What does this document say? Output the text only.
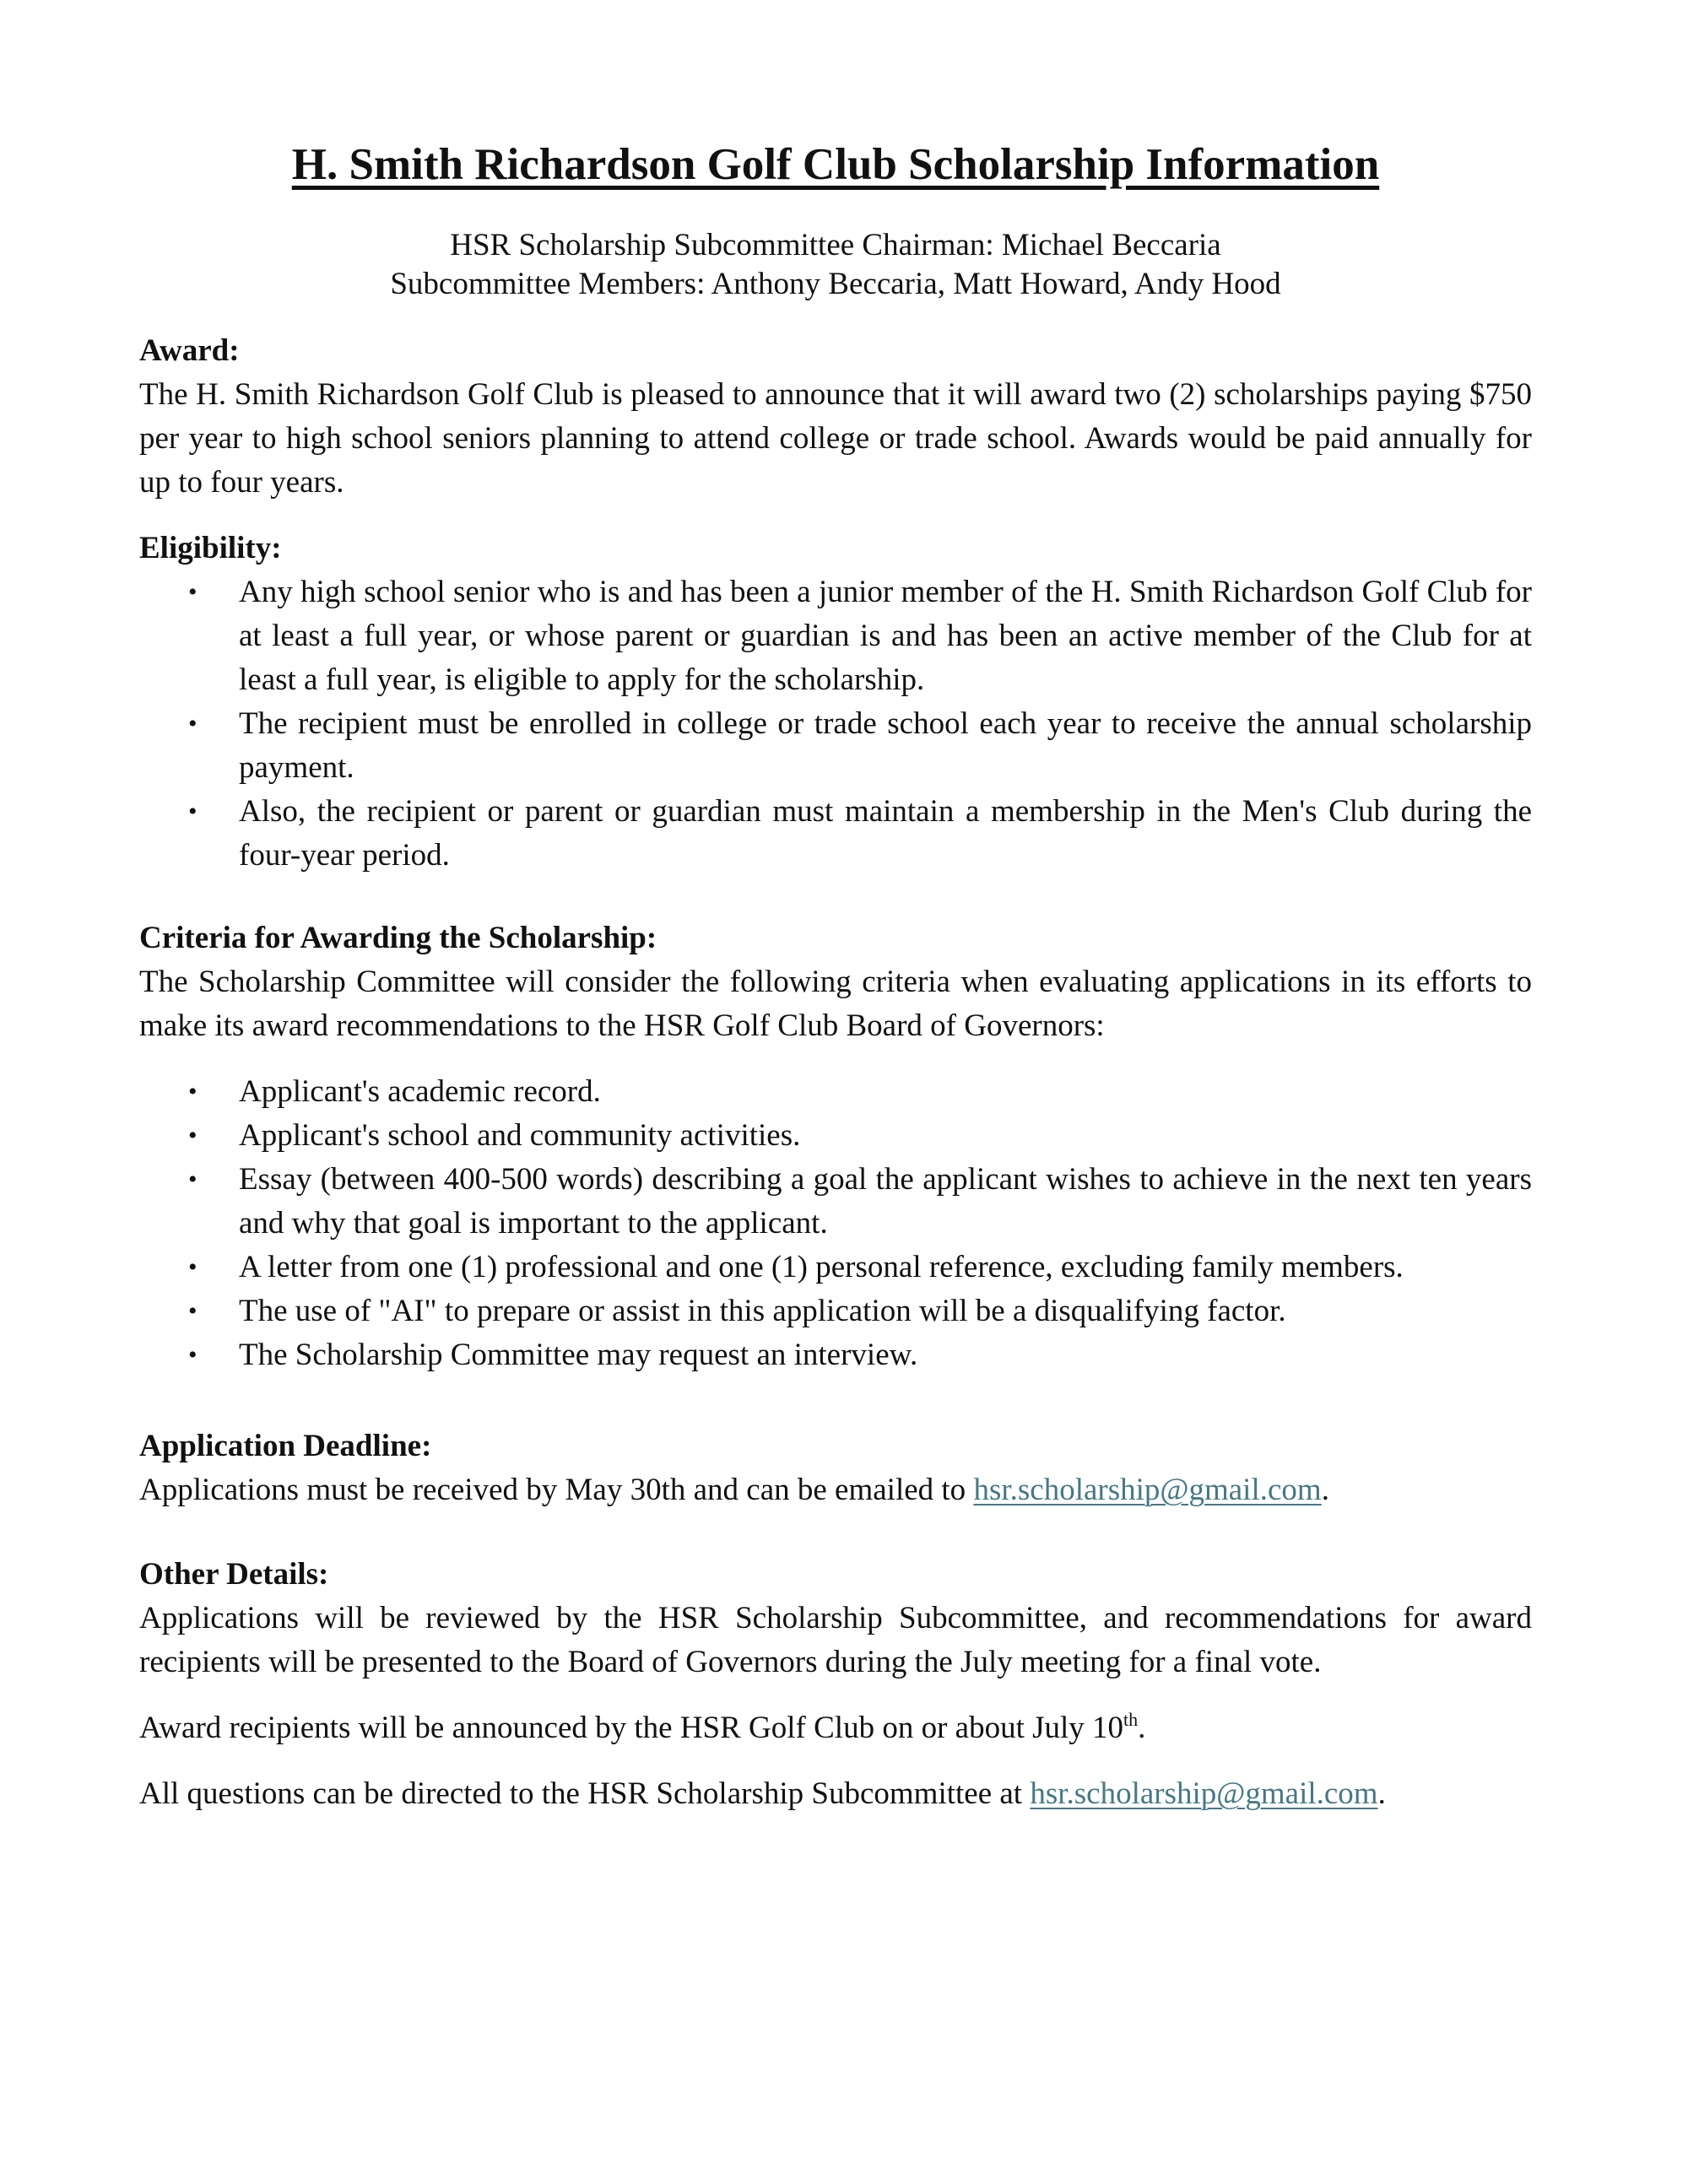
H. Smith Richardson Golf Club Scholarship Information
HSR Scholarship Subcommittee Chairman: Michael Beccaria
Subcommittee Members: Anthony Beccaria, Matt Howard, Andy Hood
Award:
The H. Smith Richardson Golf Club is pleased to announce that it will award two (2) scholarships paying $750 per year to high school seniors planning to attend college or trade school. Awards would be paid annually for up to four years.
Eligibility:
• Any high school senior who is and has been a junior member of the H. Smith Richardson Golf Club for at least a full year, or whose parent or guardian is and has been an active member of the Club for at least a full year, is eligible to apply for the scholarship.
• The recipient must be enrolled in college or trade school each year to receive the annual scholarship payment.
• Also, the recipient or parent or guardian must maintain a membership in the Men's Club during the four-year period.
Criteria for Awarding the Scholarship:
The Scholarship Committee will consider the following criteria when evaluating applications in its efforts to make its award recommendations to the HSR Golf Club Board of Governors:
• Applicant's academic record.
• Applicant's school and community activities.
• Essay (between 400-500 words) describing a goal the applicant wishes to achieve in the next ten years and why that goal is important to the applicant.
• A letter from one (1) professional and one (1) personal reference, excluding family members.
• The use of "AI" to prepare or assist in this application will be a disqualifying factor.
• The Scholarship Committee may request an interview.
Application Deadline:
Applications must be received by May 30th and can be emailed to hsr.scholarship@gmail.com.
Other Details:
Applications will be reviewed by the HSR Scholarship Subcommittee, and recommendations for award recipients will be presented to the Board of Governors during the July meeting for a final vote.
Award recipients will be announced by the HSR Golf Club on or about July 10th.
All questions can be directed to the HSR Scholarship Subcommittee at hsr.scholarship@gmail.com.
